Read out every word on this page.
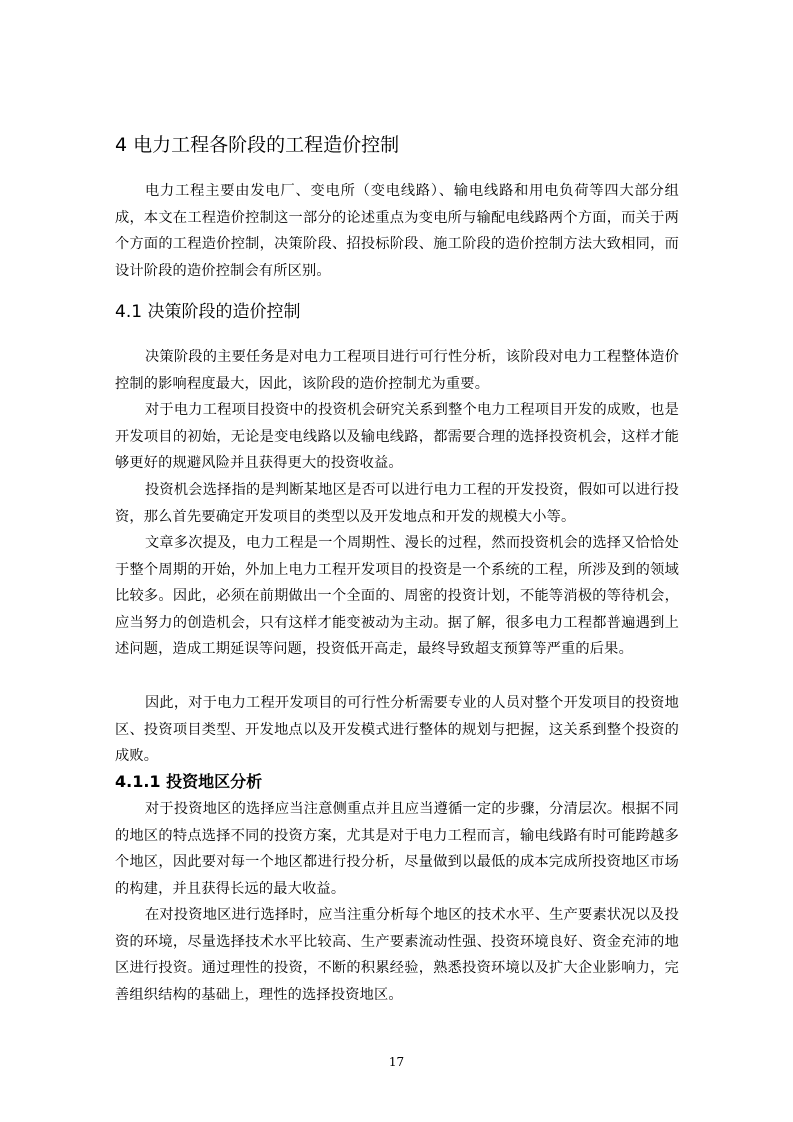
4 电力工程各阶段的工程造价控制

电力工程主要由发电厂、变电所（变电线路）、输电线路和用电负荷等四大部分组成，本文在工程造价控制这一部分的论述重点为变电所与输配电线路两个方面，而关于两个方面的工程造价控制，决策阶段、招投标阶段、施工阶段的造价控制方法大致相同，而设计阶段的造价控制会有所区别。

4.1 决策阶段的造价控制

决策阶段的主要任务是对电力工程项目进行可行性分析，该阶段对电力工程整体造价控制的影响程度最大，因此，该阶段的造价控制尤为重要。

对于电力工程项目投资中的投资机会研究关系到整个电力工程项目开发的成败，也是开发项目的初始，无论是变电线路以及输电线路，都需要合理的选择投资机会，这样才能够更好的规避风险并且获得更大的投资收益。

投资机会选择指的是判断某地区是否可以进行电力工程的开发投资，假如可以进行投资，那么首先要确定开发项目的类型以及开发地点和开发的规模大小等。

文章多次提及，电力工程是一个周期性、漫长的过程，然而投资机会的选择又恰恰处于整个周期的开始，外加上电力工程开发项目的投资是一个系统的工程，所涉及到的领域比较多。因此，必须在前期做出一个全面的、周密的投资计划，不能等消极的等待机会，应当努力的创造机会，只有这样才能变被动为主动。据了解，很多电力工程都普遍遇到上述问题，造成工期延误等问题，投资低开高走，最终导致超支预算等严重的后果。

因此，对于电力工程开发项目的可行性分析需要专业的人员对整个开发项目的投资地区、投资项目类型、开发地点以及开发模式进行整体的规划与把握，这关系到整个投资的成败。

4.1.1 投资地区分析

对于投资地区的选择应当注意侧重点并且应当遵循一定的步骤，分清层次。根据不同的地区的特点选择不同的投资方案，尤其是对于电力工程而言，输电线路有时可能跨越多个地区，因此要对每一个地区都进行投分析，尽量做到以最低的成本完成所投资地区市场的构建，并且获得长远的最大收益。

在对投资地区进行选择时，应当注重分析每个地区的技术水平、生产要素状况以及投资的环境，尽量选择技术水平比较高、生产要素流动性强、投资环境良好、资金充沛的地区进行投资。通过理性的投资，不断的积累经验，熟悉投资环境以及扩大企业影响力，完善组织结构的基础上，理性的选择投资地区。

17
